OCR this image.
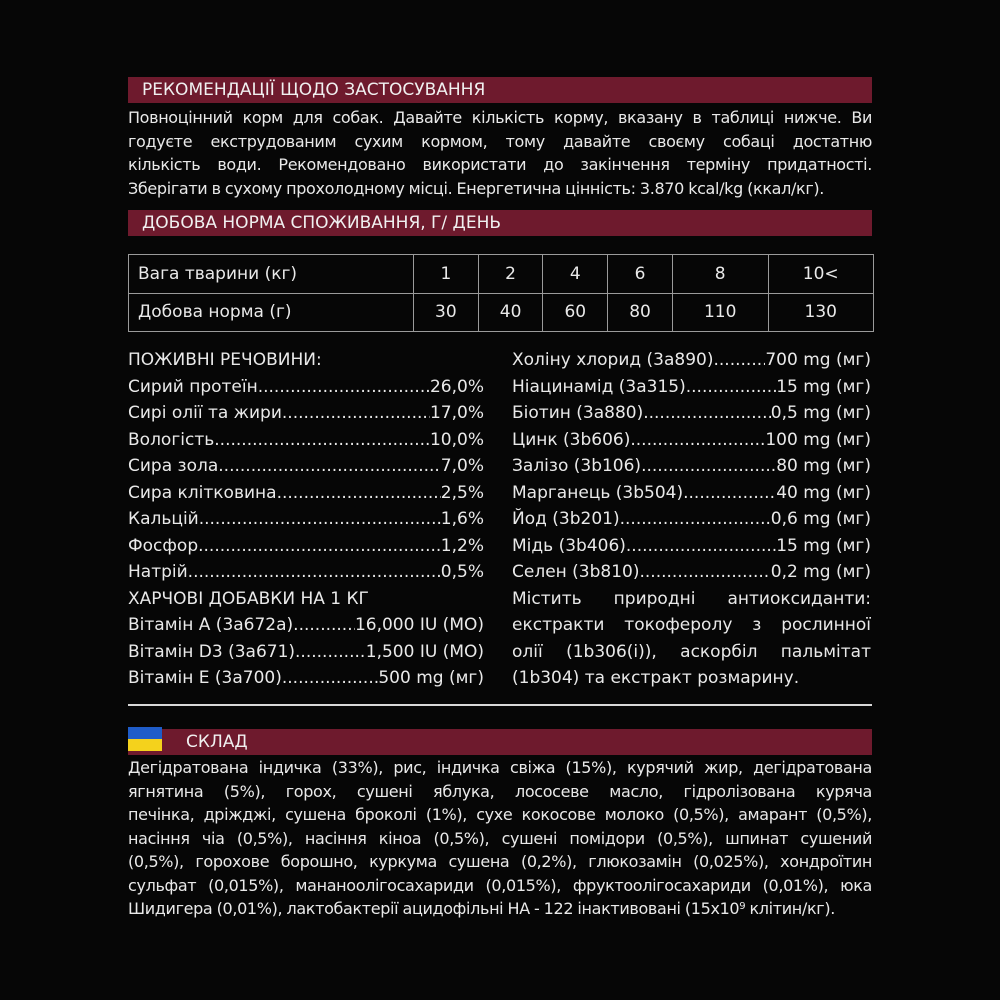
РЕКОМЕНДАЦІЇ ЩОДО ЗАСТОСУВАННЯ
Повноцінний корм для собак. Давайте кількість корму, вказану в таблиці нижче. Ви
годуєте екструдованим сухим кормом, тому давайте своєму собаці достатню
кількість води. Рекомендовано використати до закінчення терміну придатності.
Зберігати в сухому прохолодному місці. Енергетична цінність: 3.870 kcal/kg (ккал/кг).
ДОБОВА НОРМА СПОЖИВАННЯ, Г/ ДЕНЬ
Вага тварини (кг)	1	2	4	6	8	10<
Добова норма (г)	30	40	60	80	110	130
ПОЖИВНІ РЕЧОВИНИ:
Сирий протеїн .....	26,0%
Сирі олії та жири .....	17,0%
Вологість .....	10,0%
Сира зола .....	7,0%
Сира клітковина .....	2,5%
Кальцій .....	1,6%
Фосфор .....	1,2%
Натрій .....	0,5%
ХАРЧОВІ ДОБАВКИ НА 1 КГ
Вітамін А (3а672а) .....	16,000 IU (МО)
Вітамін D3 (3а671) .....	1,500 IU (МО)
Вітамін Е (3а700) .....	500 mg (мг)
Холіну хлорид (3а890) .....	700 mg (мг)
Ніацинамід (3а315) .....	15 mg (мг)
Біотин (3а880) .....	0,5 mg (мг)
Цинк (3b606) .....	100 mg (мг)
Залізо (3b106) .....	80 mg (мг)
Марганець (3b504) .....	40 mg (мг)
Йод (3b201) .....	0,6 mg (мг)
Мідь (3b406) .....	15 mg (мг)
Селен (3b810) .....	0,2 mg (мг)
Містить природні антиоксиданти:
екстракти токоферолу з рослинної
олії (1b306(i)), аскорбіл пальмітат
(1b304) та екстракт розмарину.
СКЛАД
Дегідратована індичка (33%), рис, індичка свіжа (15%), курячий жир, дегідратована
ягнятина (5%), горох, сушені яблука, лососеве масло, гідролізована куряча
печінка, дріжджі, сушена броколі (1%), сухе кокосове молоко (0,5%), амарант (0,5%),
насіння чіа (0,5%), насіння кіноа (0,5%), сушені помідори (0,5%), шпинат сушений
(0,5%), горохове борошно, куркума сушена (0,2%), глюкозамін (0,025%), хондроїтин
сульфат (0,015%), мананоолігосахариди (0,015%), фруктоолігосахариди (0,01%), юка
Шидигера (0,01%), лактобактерії ацидофільні НА - 122 інактивовані ($15x10^9$ клітин/кг).
